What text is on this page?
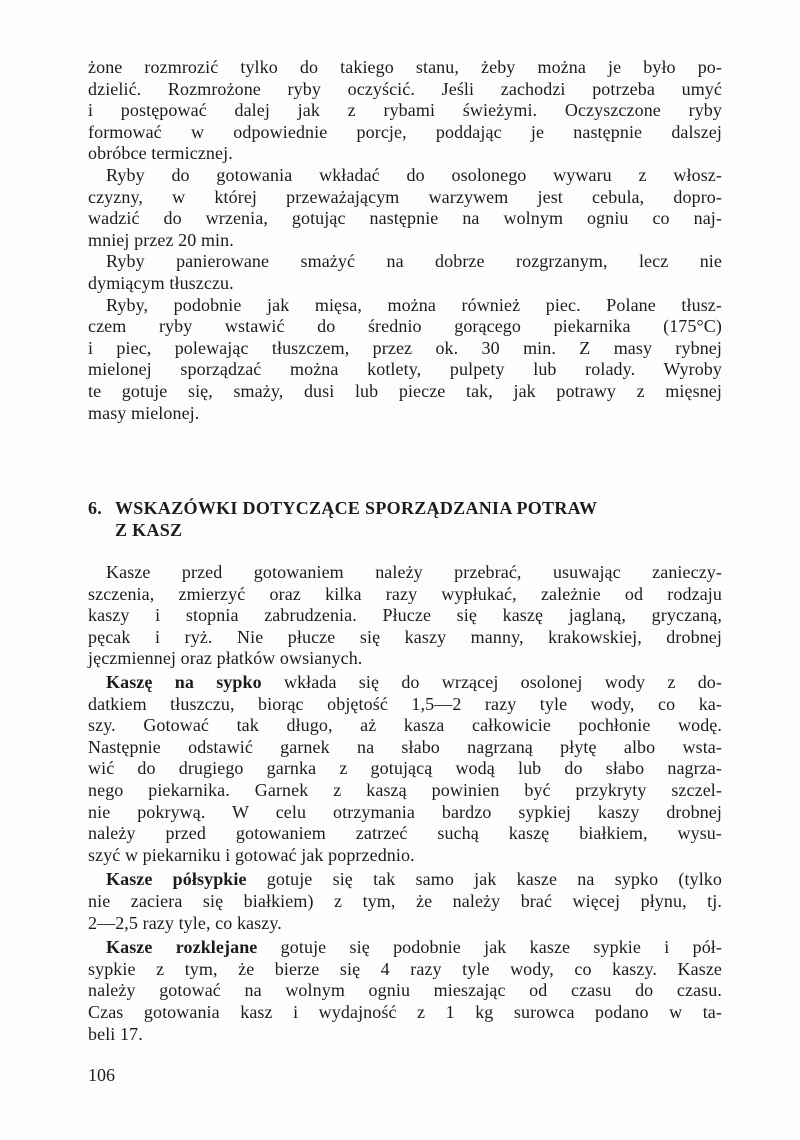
żone rozmrozić tylko do takiego stanu, żeby można je było po-
dzielić. Rozmrożone ryby oczyścić. Jeśli zachodzi potrzeba umyć
i postępować dalej jak z rybami świeżymi. Oczyszczone ryby
formować w odpowiednie porcje, poddając je następnie dalszej
obróbce termicznej.
Ryby do gotowania wkładać do osolonego wywaru z włosz-
czyzny, w której przeważającym warzywem jest cebula, dopro-
wadzić do wrzenia, gotując następnie na wolnym ogniu co naj-
mniej przez 20 min.
Ryby panierowane smażyć na dobrze rozgrzanym, lecz nie
dymiącym tłuszczu.
Ryby, podobnie jak mięsa, można również piec. Polane tłusz-
czem ryby wstawić do średnio gorącego piekarnika (175°C)
i piec, polewając tłuszczem, przez ok. 30 min. Z masy rybnej
mielonej sporządzać można kotlety, pulpety lub rolady. Wyroby
te gotuje się, smaży, dusi lub piecze tak, jak potrawy z mięsnej
masy mielonej.
6. WSKAZÓWKI DOTYCZĄCE SPORZĄDZANIA POTRAW
Z KASZ
Kasze przed gotowaniem należy przebrać, usuwając zanieczy-
szczenia, zmierzyć oraz kilka razy wypłukać, zależnie od rodzaju
kaszy i stopnia zabrudzenia. Płucze się kaszę jaglaną, gryczaną,
pęcak i ryż. Nie płucze się kaszy manny, krakowskiej, drobnej
jęczmiennej oraz płatków owsianych.
Kaszę na sypko wkłada się do wrzącej osolonej wody z do-
datkiem tłuszczu, biorąc objętość 1,5—2 razy tyle wody, co ka-
szy. Gotować tak długo, aż kasza całkowicie pochłonie wodę.
Następnie odstawić garnek na słabo nagrzaną płytę albo wsta-
wić do drugiego garnka z gotującą wodą lub do słabo nagrza-
nego piekarnika. Garnek z kaszą powinien być przykryty szczel-
nie pokrywą. W celu otrzymania bardzo sypkiej kaszy drobnej
należy przed gotowaniem zatrzeć suchą kaszę białkiem, wysu-
szyć w piekarniku i gotować jak poprzednio.
Kasze półsypkie gotuje się tak samo jak kasze na sypko (tylko
nie zaciera się białkiem) z tym, że należy brać więcej płynu, tj.
2—2,5 razy tyle, co kaszy.
Kasze rozklejane gotuje się podobnie jak kasze sypkie i pół-
sypkie z tym, że bierze się 4 razy tyle wody, co kaszy. Kasze
należy gotować na wolnym ogniu mieszając od czasu do czasu.
Czas gotowania kasz i wydajność z 1 kg surowca podano w ta-
beli 17.
106
